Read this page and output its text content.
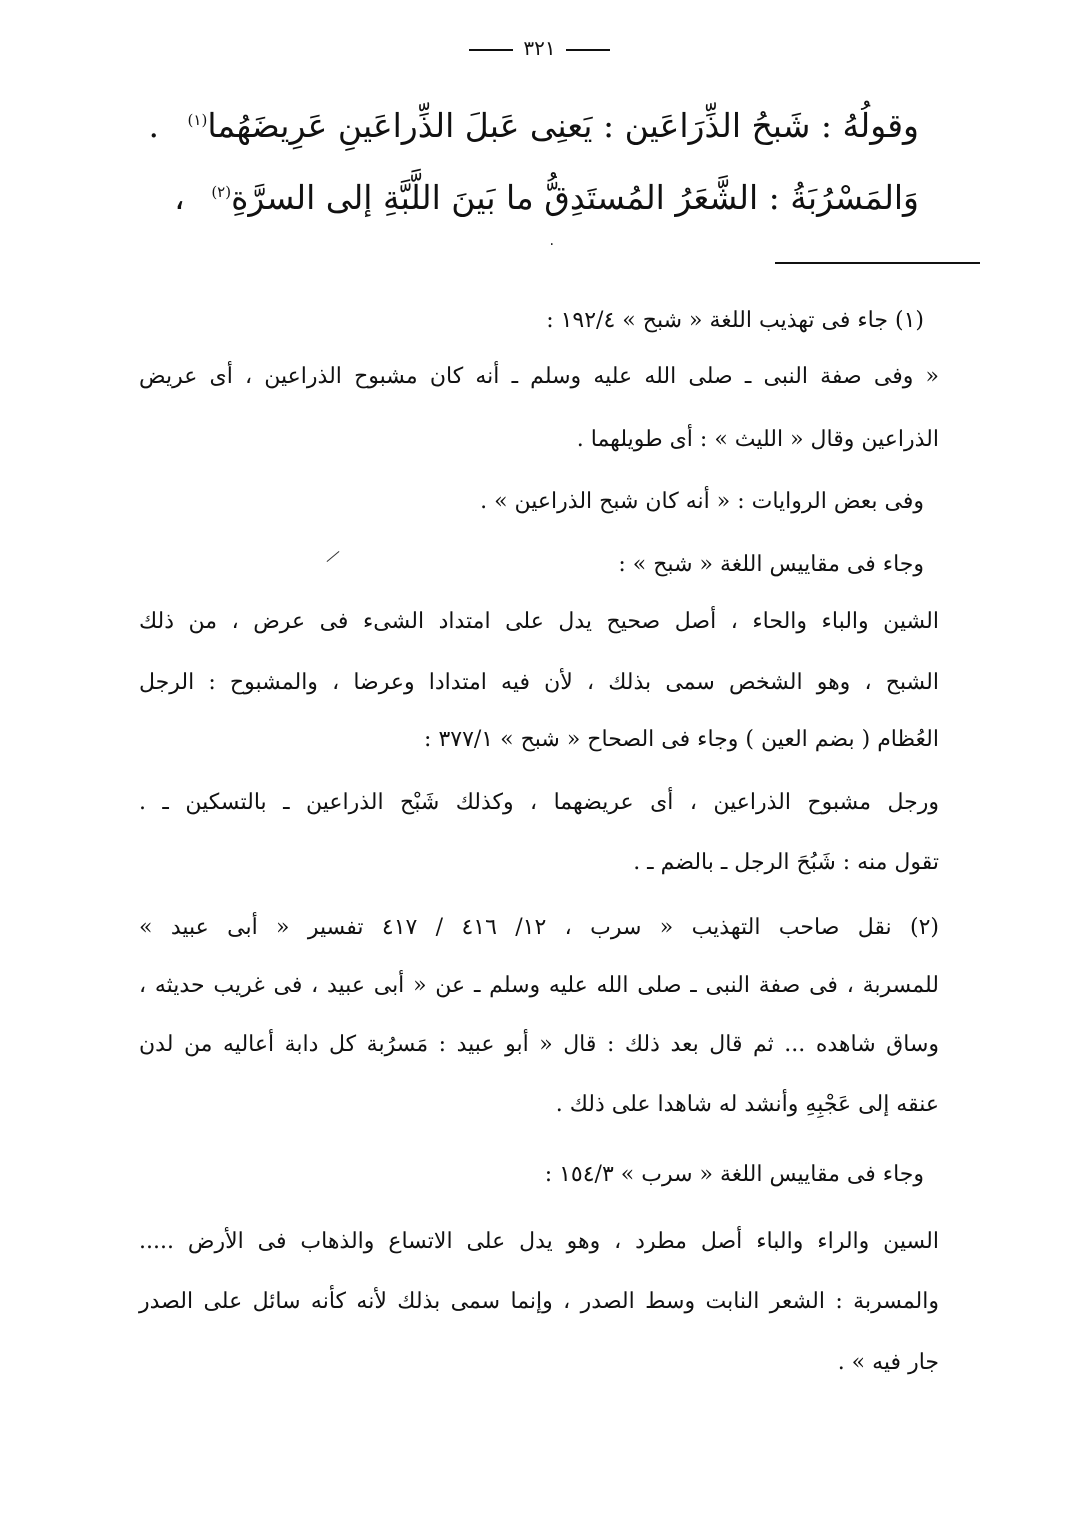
٣٢١
وقولُهُ : شَبحُ الذِّرَاعَين : يَعنِى عَبلَ الذِّراعَينِ عَرِيضَهُما$^{(١)}$ .
وَالمَسْرُبَةُ : الشَّعَرُ المُستَدِقُّ ما بَينَ اللَّبَّةِ إلى السرَّةِ$^{(٢)}$ ،
٠
(١) جاء فى تهذيب اللغة « شبح » ١٩٢/٤ :
« وفى صفة النبى ـ صلى الله عليه وسلم ـ أنه كان مشبوح الذراعين ، أى عريض
الذراعين وقال « الليث » : أى طويلهما .
وفى بعض الروايات : « أنه كان شبح الذراعين » .
وجاء فى مقاييس اللغة « شبح » :
الشين والباء والحاء ، أصل صحيح يدل على امتداد الشىء فى عرض ، من ذلك
الشبح ، وهو الشخص سمى بذلك ، لأن فيه امتدادا وعرضا ، والمشبوح : الرجل
العُظام ( بضم العين ) وجاء فى الصحاح « شبح » ٣٧٧/١ :
ورجل مشبوح الذراعين ، أى عريضهما ، وكذلك شَبْح الذراعين ـ بالتسكين ـ .
تقول منه : شَبُحَ الرجل ـ بالضم ـ .
(٢) نقل صاحب التهذيب « سرب ، ١٢/ ٤١٦ / ٤١٧ تفسير « أبى عبيد »
للمسربة ، فى صفة النبى ـ صلى الله عليه وسلم ـ عن « أبى عبيد ، فى غريب حديثه ،
وساق شاهده ... ثم قال بعد ذلك : قال « أبو عبيد : مَسرُبة كل دابة أعاليه من لدن
عنقه إلى عَجْبِهِ وأنشد له شاهدا على ذلك .
وجاء فى مقاييس اللغة « سرب » ١٥٤/٣ :
السين والراء والباء أصل مطرد ، وهو يدل على الاتساع والذهاب فى الأرض .....
والمسربة : الشعر النابت وسط الصدر ، وإنما سمى بذلك لأنه كأنه سائل على الصدر
جار فيه » .
